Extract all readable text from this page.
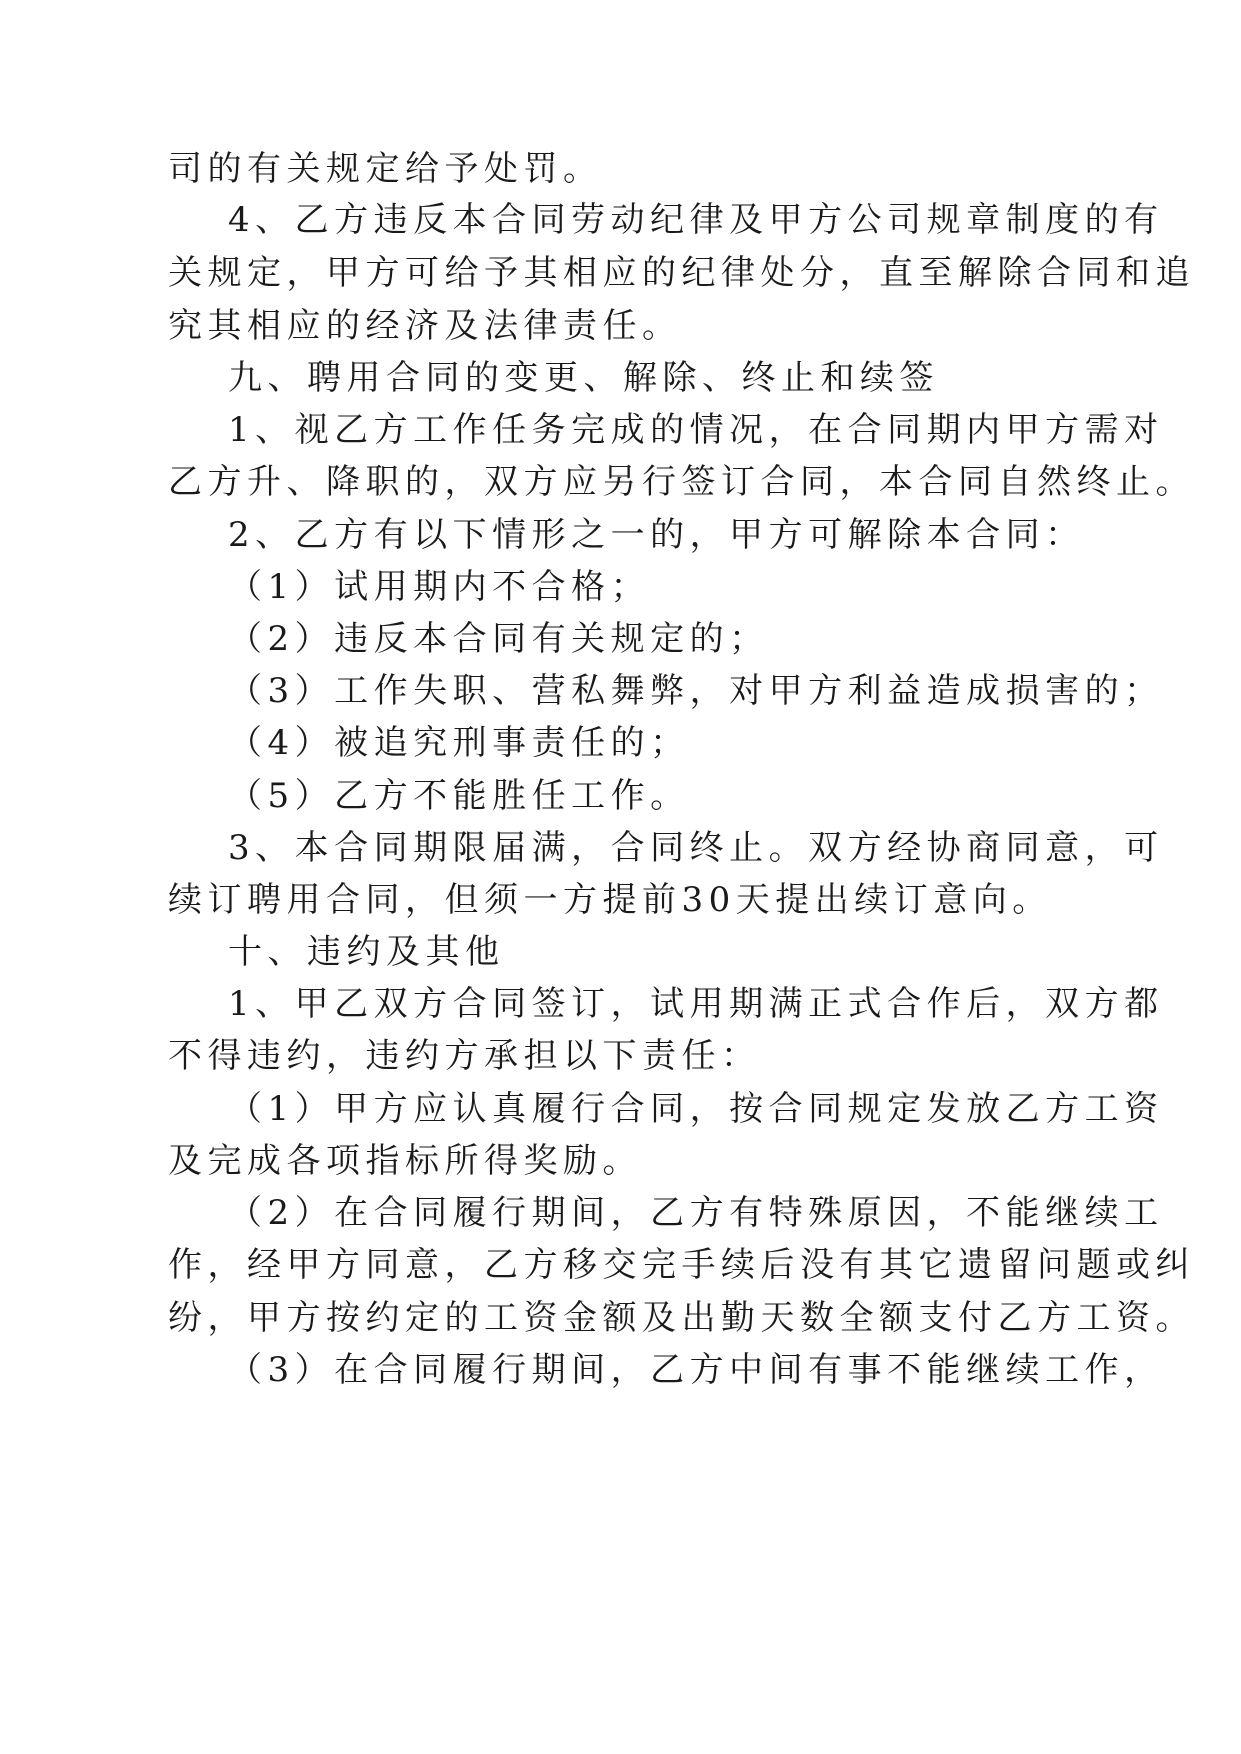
司的有关规定给予处罚。
4、乙方违反本合同劳动纪律及甲方公司规章制度的有
关规定，甲方可给予其相应的纪律处分，直至解除合同和追
究其相应的经济及法律责任。
九、聘用合同的变更、解除、终止和续签
1、视乙方工作任务完成的情况，在合同期内甲方需对
乙方升、降职的，双方应另行签订合同，本合同自然终止。
2、乙方有以下情形之一的，甲方可解除本合同：
（1）试用期内不合格；
（2）违反本合同有关规定的；
（3）工作失职、营私舞弊，对甲方利益造成损害的；
（4）被追究刑事责任的；
（5）乙方不能胜任工作。
3、本合同期限届满，合同终止。双方经协商同意，可
续订聘用合同，但须一方提前30天提出续订意向。
十、违约及其他
1、甲乙双方合同签订，试用期满正式合作后，双方都
不得违约，违约方承担以下责任：
（1）甲方应认真履行合同，按合同规定发放乙方工资
及完成各项指标所得奖励。
（2）在合同履行期间，乙方有特殊原因，不能继续工
作，经甲方同意，乙方移交完手续后没有其它遗留问题或纠
纷，甲方按约定的工资金额及出勤天数全额支付乙方工资。
（3）在合同履行期间，乙方中间有事不能继续工作，
